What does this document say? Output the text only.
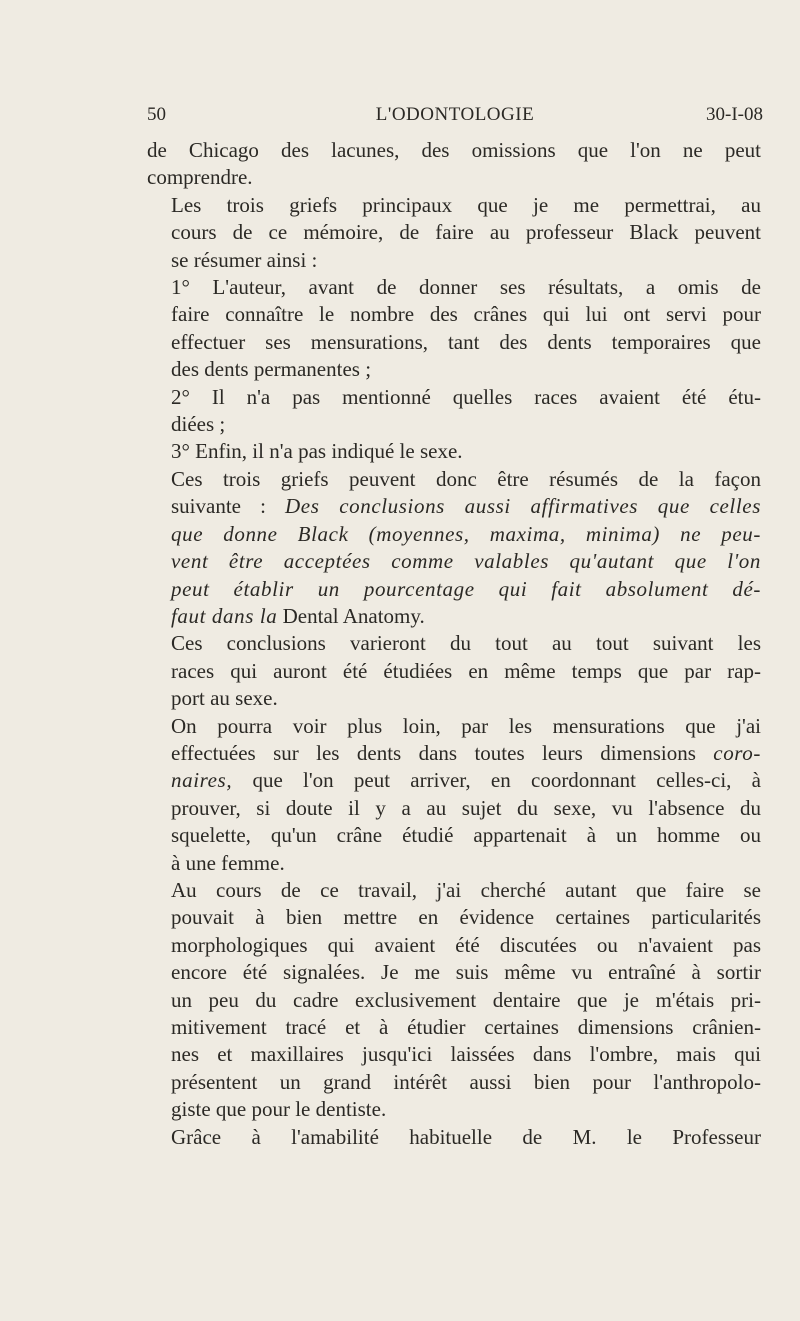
50	L'ODONTOLOGIE	30-I-08
de Chicago des lacunes, des omissions que l'on ne peut
comprendre.
Les trois griefs principaux que je me permettrai, au
cours de ce mémoire, de faire au professeur Black peuvent
se résumer ainsi :
1° L'auteur, avant de donner ses résultats, a omis de
faire connaître le nombre des crânes qui lui ont servi pour
effectuer ses mensurations, tant des dents temporaires que
des dents permanentes ;
2° Il n'a pas mentionné quelles races avaient été étu-
diées ;
3° Enfin, il n'a pas indiqué le sexe.
Ces trois griefs peuvent donc être résumés de la façon
suivante : Des conclusions aussi affirmatives que celles
que donne Black (moyennes, maxima, minima) ne peu-
vent être acceptées comme valables qu'autant que l'on
peut établir un pourcentage qui fait absolument dé-
faut dans la Dental Anatomy.
Ces conclusions varieront du tout au tout suivant les
races qui auront été étudiées en même temps que par rap-
port au sexe.
On pourra voir plus loin, par les mensurations que j'ai
effectuées sur les dents dans toutes leurs dimensions coro-
naires, que l'on peut arriver, en coordonnant celles-ci, à
prouver, si doute il y a au sujet du sexe, vu l'absence du
squelette, qu'un crâne étudié appartenait à un homme ou
à une femme.
Au cours de ce travail, j'ai cherché autant que faire se
pouvait à bien mettre en évidence certaines particularités
morphologiques qui avaient été discutées ou n'avaient pas
encore été signalées. Je me suis même vu entraîné à sortir
un peu du cadre exclusivement dentaire que je m'étais pri-
mitivement tracé et à étudier certaines dimensions crânien-
nes et maxillaires jusqu'ici laissées dans l'ombre, mais qui
présentent un grand intérêt aussi bien pour l'anthropolo-
giste que pour le dentiste.
Grâce à l'amabilité habituelle de M. le Professeur
